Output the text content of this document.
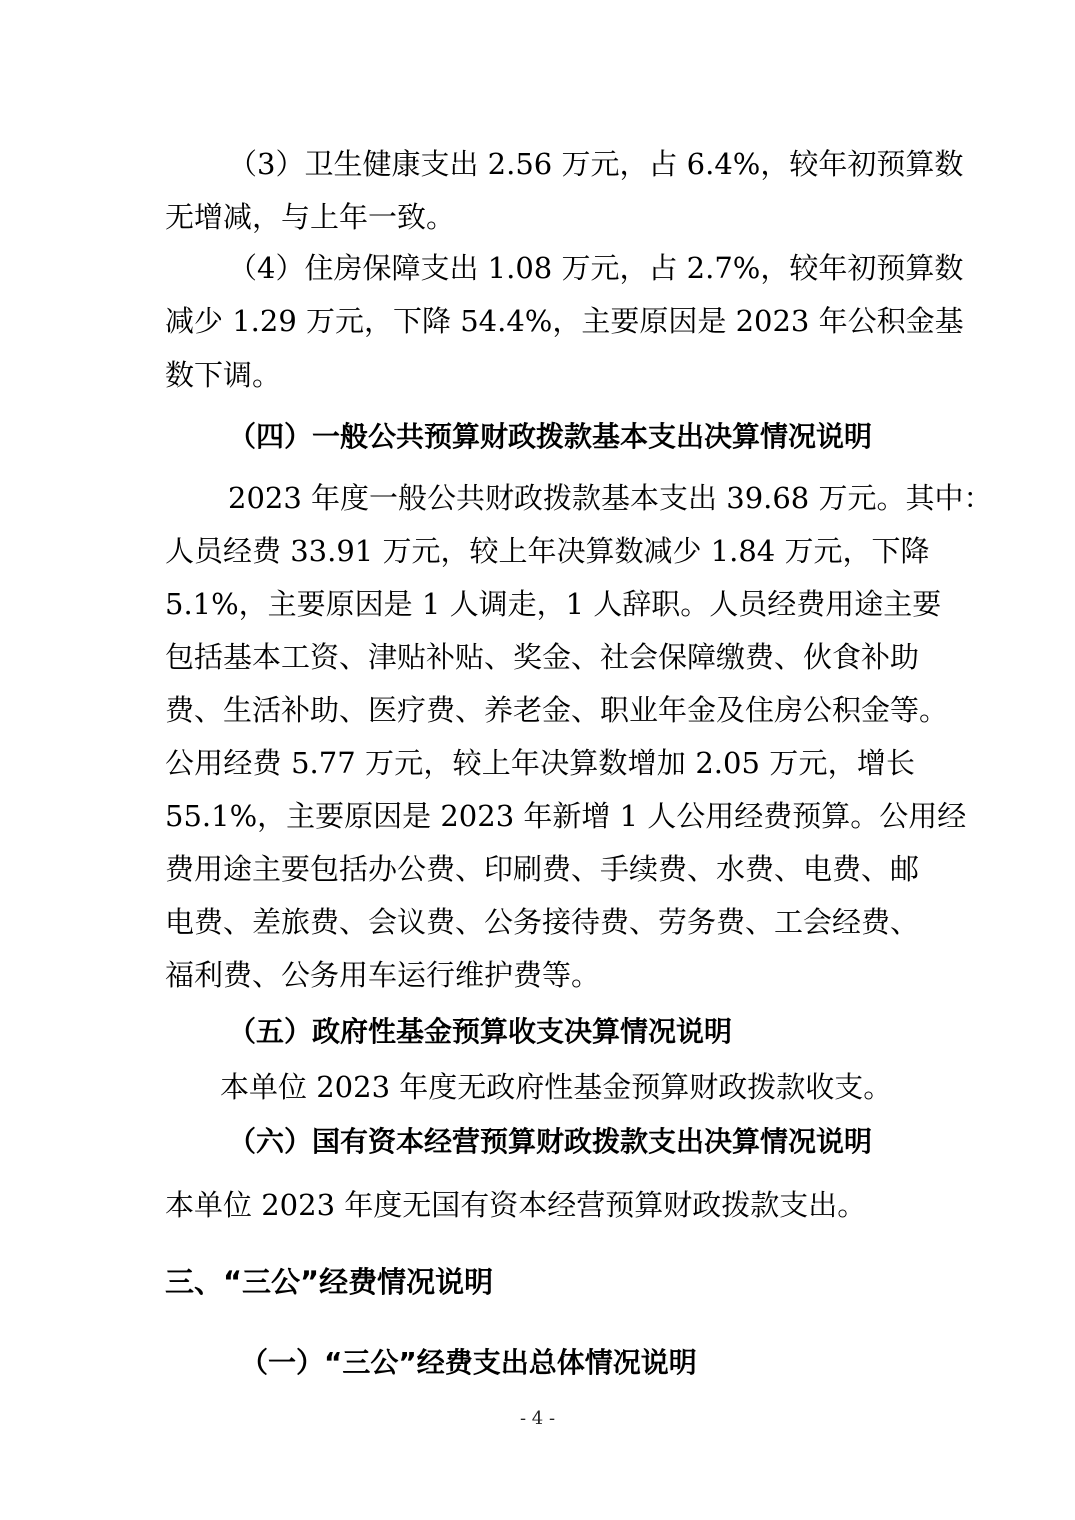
（3）卫生健康支出 2.56 万元，占 6.4%，较年初预算数
无增减，与上年一致。
（4）住房保障支出 1.08 万元，占 2.7%，较年初预算数
减少 1.29 万元，下降 54.4%，主要原因是 2023 年公积金基
数下调。
（四）一般公共预算财政拨款基本支出决算情况说明
2023 年度一般公共财政拨款基本支出 39.68 万元。其中：
人员经费 33.91 万元，较上年决算数减少 1.84 万元，下降
5.1%，主要原因是 1 人调走，1 人辞职。人员经费用途主要
包括基本工资、津贴补贴、奖金、社会保障缴费、伙食补助
费、生活补助、医疗费、养老金、职业年金及住房公积金等。
公用经费 5.77 万元，较上年决算数增加 2.05 万元，增长
55.1%，主要原因是 2023 年新增 1 人公用经费预算。公用经
费用途主要包括办公费、印刷费、手续费、水费、电费、邮
电费、差旅费、会议费、公务接待费、劳务费、工会经费、
福利费、公务用车运行维护费等。
（五）政府性基金预算收支决算情况说明
本单位 2023 年度无政府性基金预算财政拨款收支。
（六）国有资本经营预算财政拨款支出决算情况说明
本单位 2023 年度无国有资本经营预算财政拨款支出。
三、“三公”经费情况说明
（一）“三公”经费支出总体情况说明
- 4 -
